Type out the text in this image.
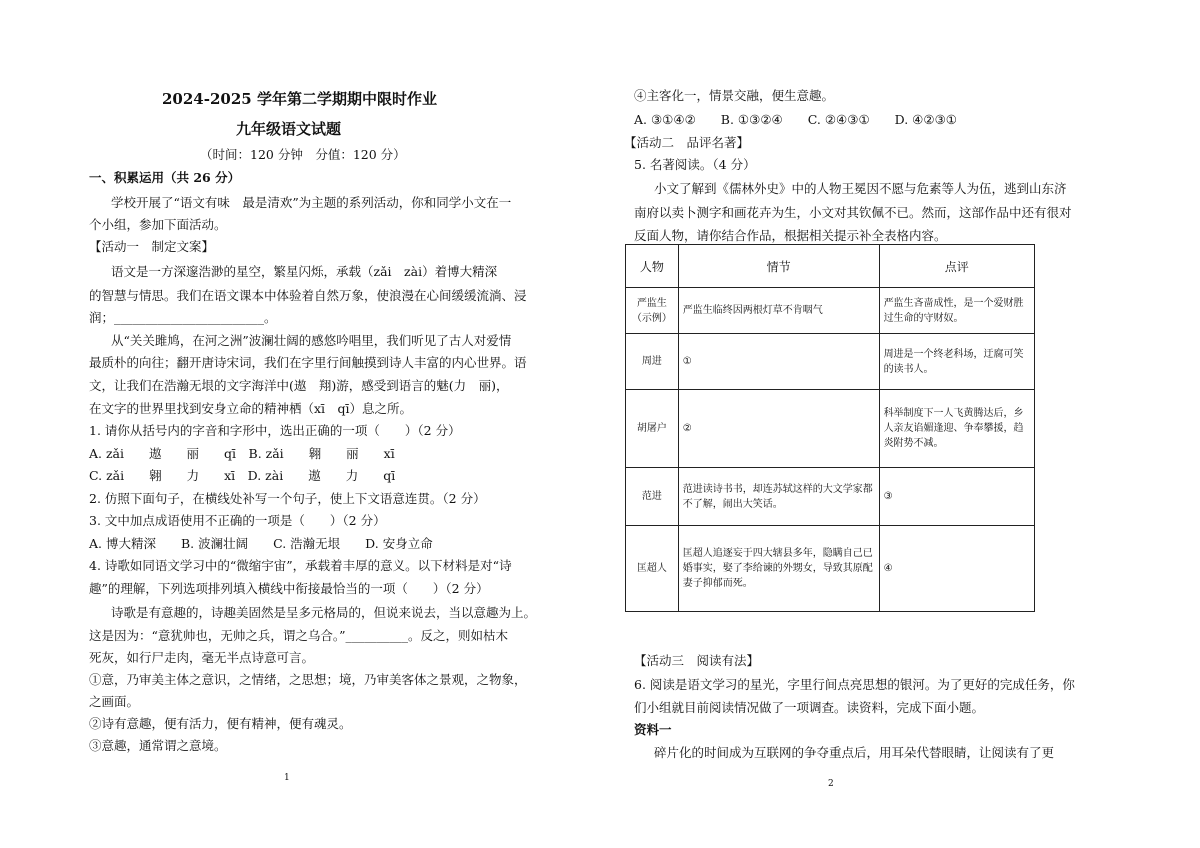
2024-2025 学年第二学期期中限时作业
九年级语文试题
（时间：120 分钟　分值：120 分）
一、积累运用（共 26 分）
学校开展了“语文有味　最是清欢”为主题的系列活动，你和同学小文在一
个小组，参加下面活动。
【活动一　制定文案】
语文是一方深邃浩渺的星空，繁星闪烁，承载（zǎi　zài）着博大精深
的智慧与情思。我们在语文课本中体验着自然万象，使浪漫在心间缓缓流淌、浸
润；________________________。
从“关关雎鸠，在河之洲”波澜壮阔的感悠吟唱里，我们听见了古人对爱情
最质朴的向往；翻开唐诗宋词，我们在字里行间触摸到诗人丰富的内心世界。语
文，让我们在浩瀚无垠的文字海洋中(遨　翔)游，感受到语言的魅(力　丽)，
在文字的世界里找到安身立命的精神栖（xī　qī）息之所。
1. 请你从括号内的字音和字形中，选出正确的一项（　　）（2 分）
A. zǎi　　遨　　丽　　qī　B. zǎi　　翱　　丽　　xī
C. zǎi　　翱　　力　　xī　D. zài　　遨　　力　　qī
2. 仿照下面句子，在横线处补写一个句子，使上下文语意连贯。（2 分）
3. 文中加点成语使用不正确的一项是（　　）（2 分）
A. 博大精深　　B. 波澜壮阔　　C. 浩瀚无垠　　D. 安身立命
4. 诗歌如同语文学习中的“微缩宇宙”，承载着丰厚的意义。以下材料是对“诗
趣”的理解，下列选项排列填入横线中衔接最恰当的一项（　　）（2 分）
诗歌是有意趣的，诗趣美固然是呈多元格局的，但说来说去，当以意趣为上。
这是因为：“意犹帅也，无帅之兵，谓之乌合。”__________。反之，则如枯木
死灰，如行尸走肉，毫无半点诗意可言。
①意，乃审美主体之意识，之情绪，之思想；境，乃审美客体之景观，之物象，
之画面。
②诗有意趣，便有活力，便有精神，便有魂灵。
③意趣，通常谓之意境。
1
④主客化一，情景交融，便生意趣。
A. ③①④②　　B. ①③②④　　C. ②④③①　　D. ④②③①
【活动二　品评名著】
5. 名著阅读。（4 分）
小文了解到《儒林外史》中的人物王冕因不愿与危素等人为伍，逃到山东济
南府以卖卜测字和画花卉为生，小文对其钦佩不已。然而，这部作品中还有很对
反面人物，请你结合作品，根据相关提示补全表格内容。
人物	情节	点评
严监生
（示例）	严监生临终因两根灯草不肯咽气	严监生吝啬成性，是一个爱财胜过生命的守财奴。
周进	①	周进是一个终老科场，迂腐可笑的读书人。
胡屠户	②	科举制度下一人飞黄腾达后，乡人亲友谄媚逢迎、争奉攀援，趋炎附势不减。
范进	范进读诗书书，却连苏轼这样的大文学家都不了解，闹出大笑话。	③
匡超人	匡超人追逐妄于四大辖县多年，隐瞒自己已婚事实，娶了李给谏的外甥女，导致其原配妻子抑郁而死。	④
【活动三　阅读有法】
6. 阅读是语文学习的星光，字里行间点亮思想的银河。为了更好的完成任务，你
们小组就目前阅读情况做了一项调查。读资料，完成下面小题。
资料一
碎片化的时间成为互联网的争夺重点后，用耳朵代替眼睛，让阅读有了更
2
